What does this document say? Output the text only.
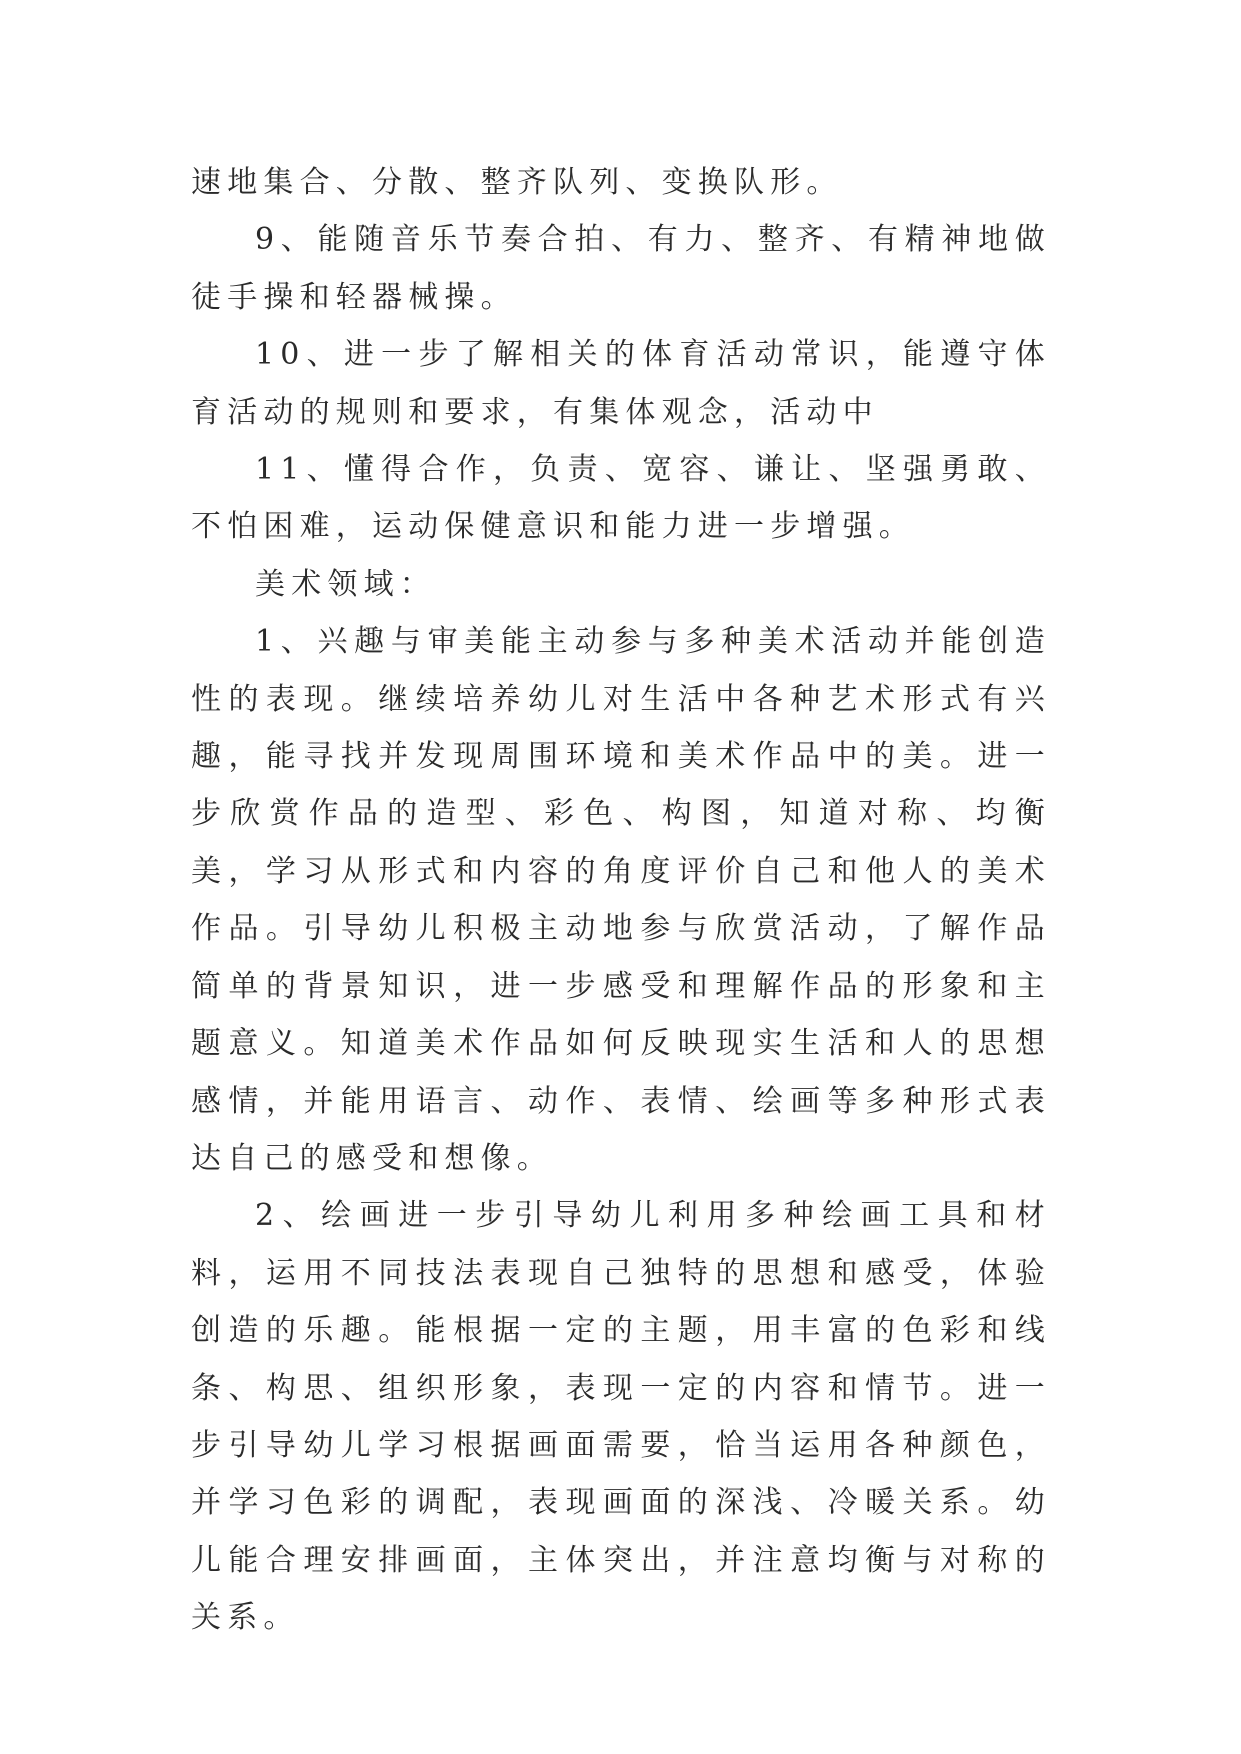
速地集合、分散、整齐队列、变换队形。

9、能随音乐节奏合拍、有力、整齐、有精神地做徒手操和轻器械操。

10、进一步了解相关的体育活动常识，能遵守体育活动的规则和要求，有集体观念，活动中

11、懂得合作，负责、宽容、谦让、坚强勇敢、不怕困难，运动保健意识和能力进一步增强。

美术领域：

1、兴趣与审美能主动参与多种美术活动并能创造性的表现。继续培养幼儿对生活中各种艺术形式有兴趣，能寻找并发现周围环境和美术作品中的美。进一步欣赏作品的造型、彩色、构图，知道对称、均衡美，学习从形式和内容的角度评价自己和他人的美术作品。引导幼儿积极主动地参与欣赏活动，了解作品简单的背景知识，进一步感受和理解作品的形象和主题意义。知道美术作品如何反映现实生活和人的思想感情，并能用语言、动作、表情、绘画等多种形式表达自己的感受和想像。

2、绘画进一步引导幼儿利用多种绘画工具和材料，运用不同技法表现自己独特的思想和感受，体验创造的乐趣。能根据一定的主题，用丰富的色彩和线条、构思、组织形象，表现一定的内容和情节。进一步引导幼儿学习根据画面需要，恰当运用各种颜色，并学习色彩的调配，表现画面的深浅、冷暖关系。幼儿能合理安排画面，主体突出，并注意均衡与对称的关系。
